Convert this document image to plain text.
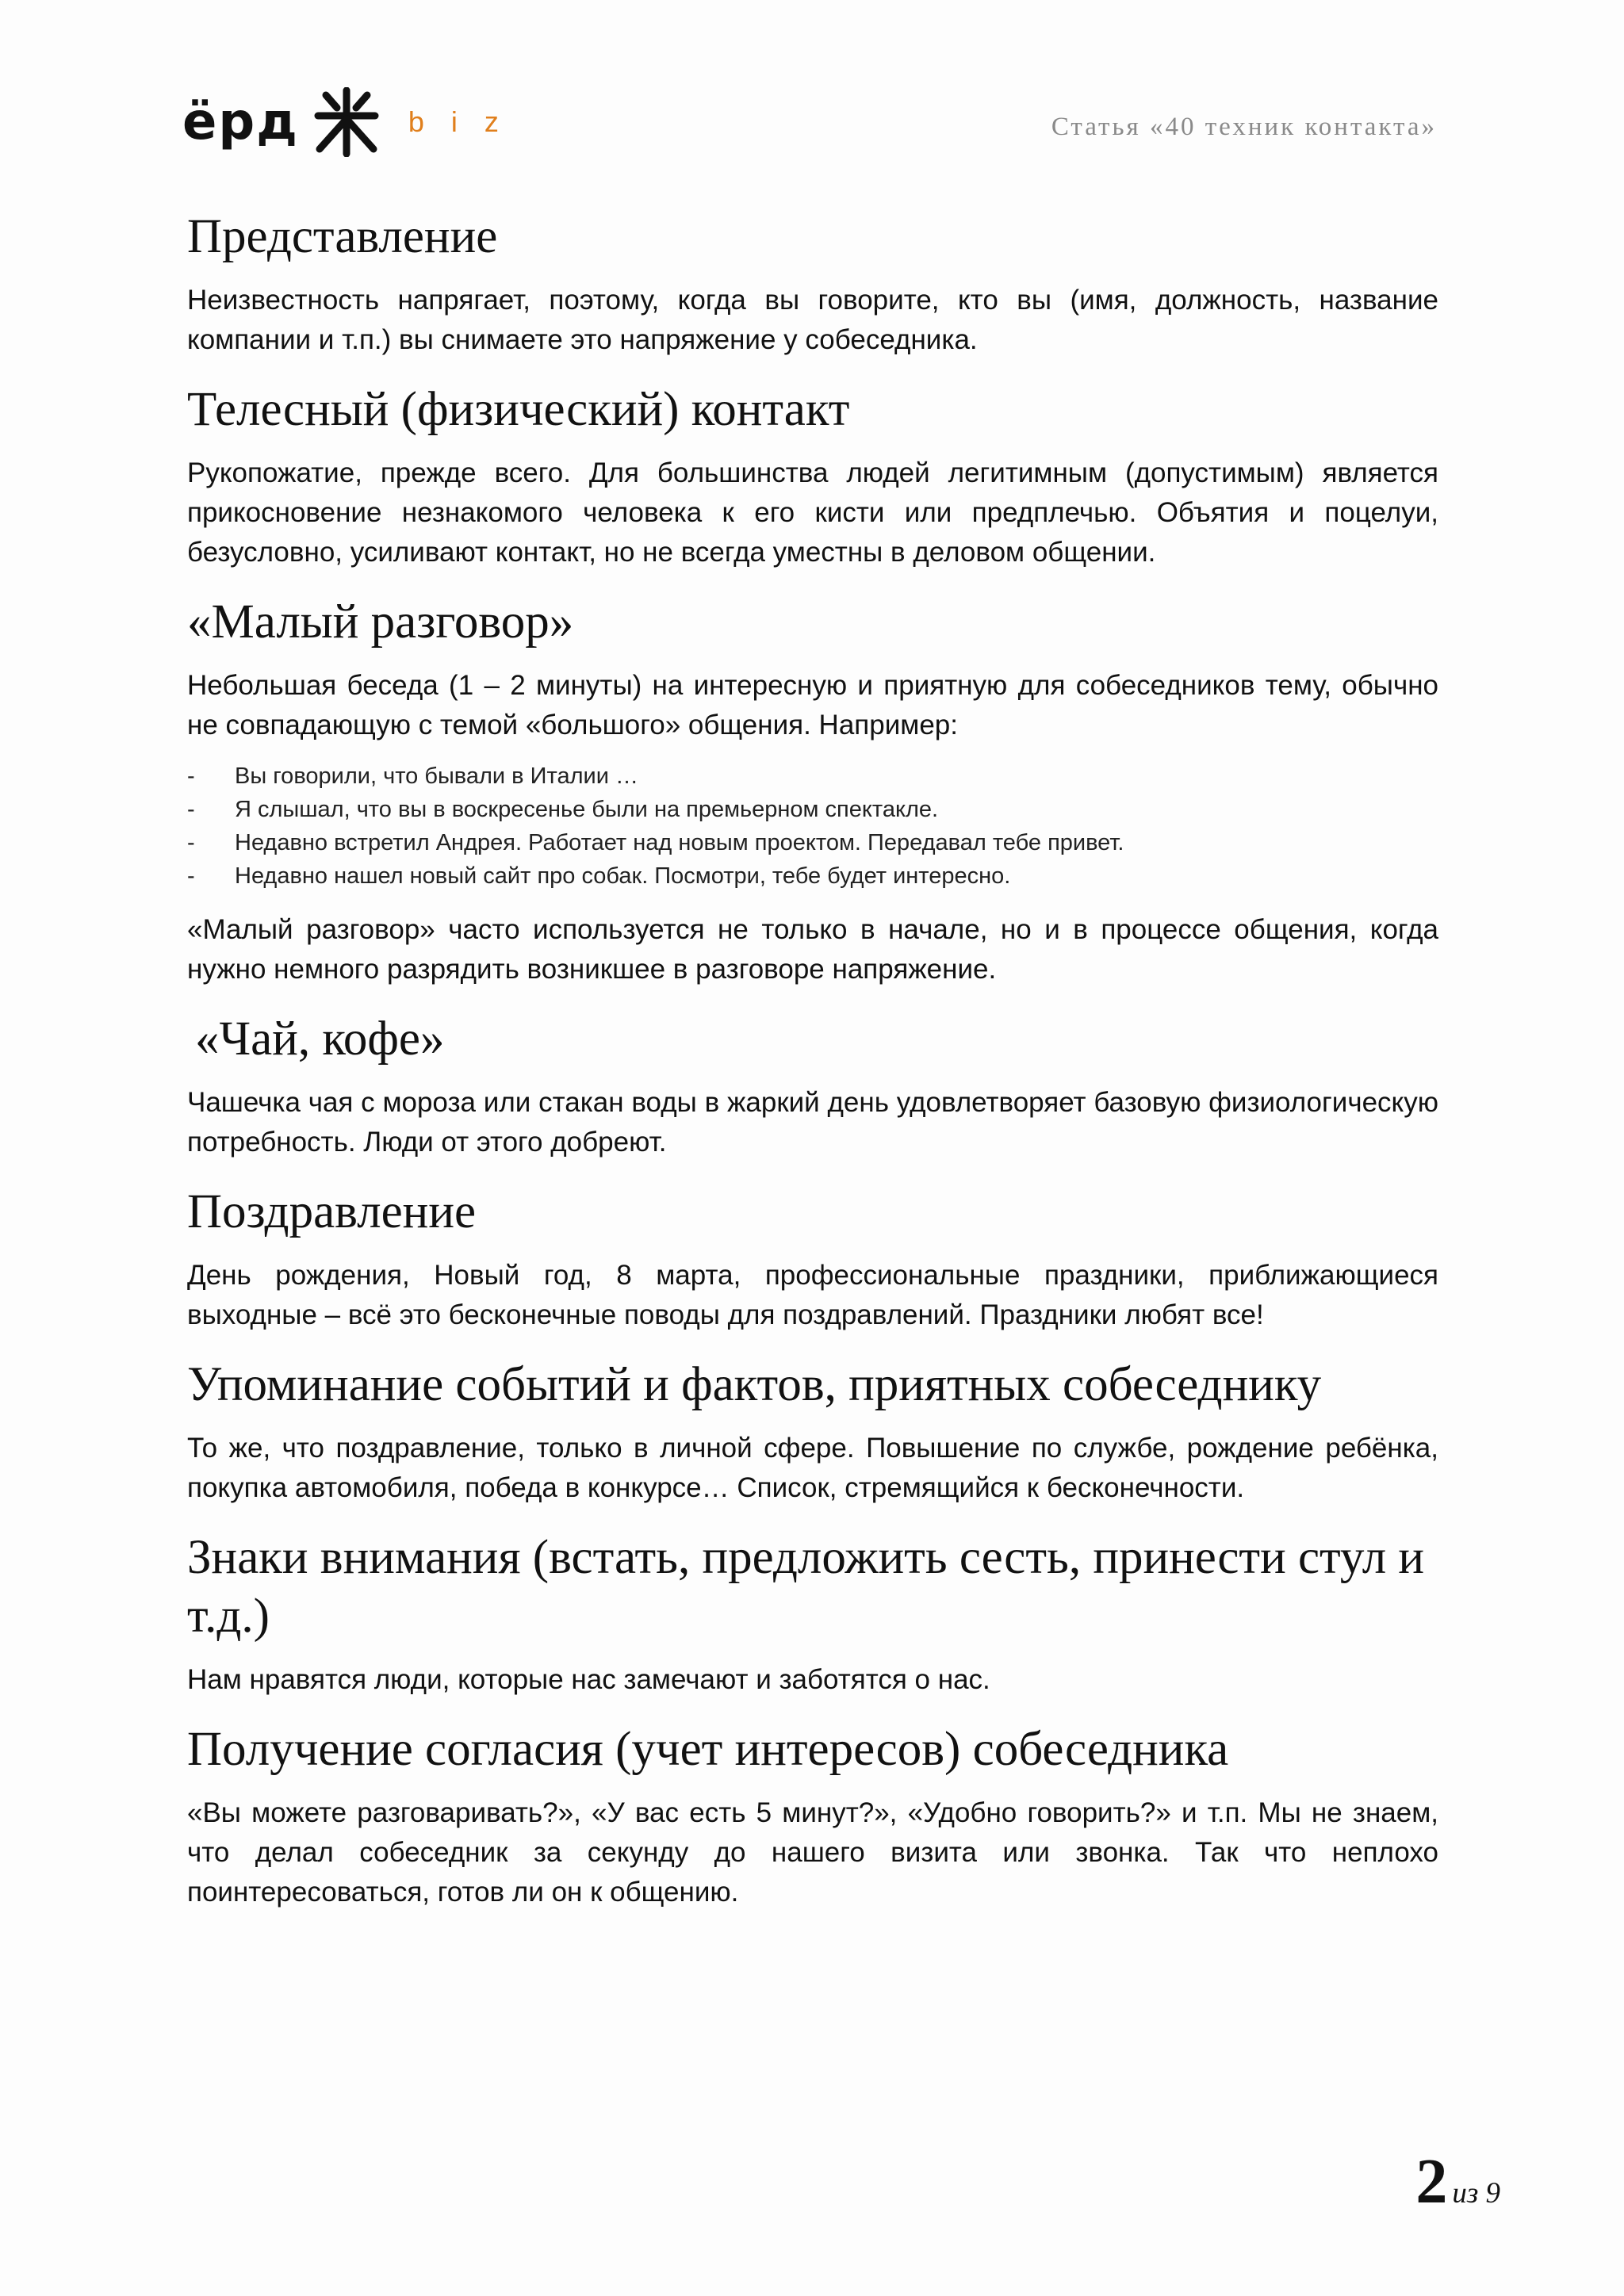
ёрд	biz	Статья «40 техник контакта»
Представление

Неизвестность напрягает, поэтому, когда вы говорите, кто вы (имя, должность, название компании и т.п.) вы снимаете это напряжение у собеседника.

Телесный (физический) контакт

Рукопожатие, прежде всего. Для большинства людей легитимным (допустимым) является прикосновение незнакомого человека к его кисти или предплечью. Объятия и поцелуи, безусловно, усиливают контакт, но не всегда уместны в деловом общении.

«Малый разговор»

Небольшая беседа (1 – 2 минуты) на интересную и приятную для собеседников тему, обычно не совпадающую с темой «большого» общения. Например:

- Вы говорили, что бывали в Италии …
- Я слышал, что вы в воскресенье были на премьерном спектакле.
- Недавно встретил Андрея. Работает над новым проектом. Передавал тебе привет.
- Недавно нашел новый сайт про собак. Посмотри, тебе будет интересно.

«Малый разговор» часто используется не только в начале, но и в процессе общения, когда нужно немного разрядить возникшее в разговоре напряжение.

«Чай, кофе»

Чашечка чая с мороза или стакан воды в жаркий день удовлетворяет базовую физиологическую потребность. Люди от этого добреют.

Поздравление

День рождения, Новый год, 8 марта, профессиональные праздники, приближающиеся выходные – всё это бесконечные поводы для поздравлений. Праздники любят все!

Упоминание событий и фактов, приятных собеседнику

То же, что поздравление, только в личной сфере. Повышение по службе, рождение ребёнка, покупка автомобиля, победа в конкурсе… Список, стремящийся к бесконечности.

Знаки внимания (встать, предложить сесть, принести стул и т.д.)

Нам нравятся люди, которые нас замечают и заботятся о нас.

Получение согласия (учет интересов) собеседника

«Вы можете разговаривать?», «У вас есть 5 минут?», «Удобно говорить?» и т.п. Мы не знаем, что делал собеседник за секунду до нашего визита или звонка. Так что неплохо поинтересоваться, готов ли он к общению.

2 из 9
